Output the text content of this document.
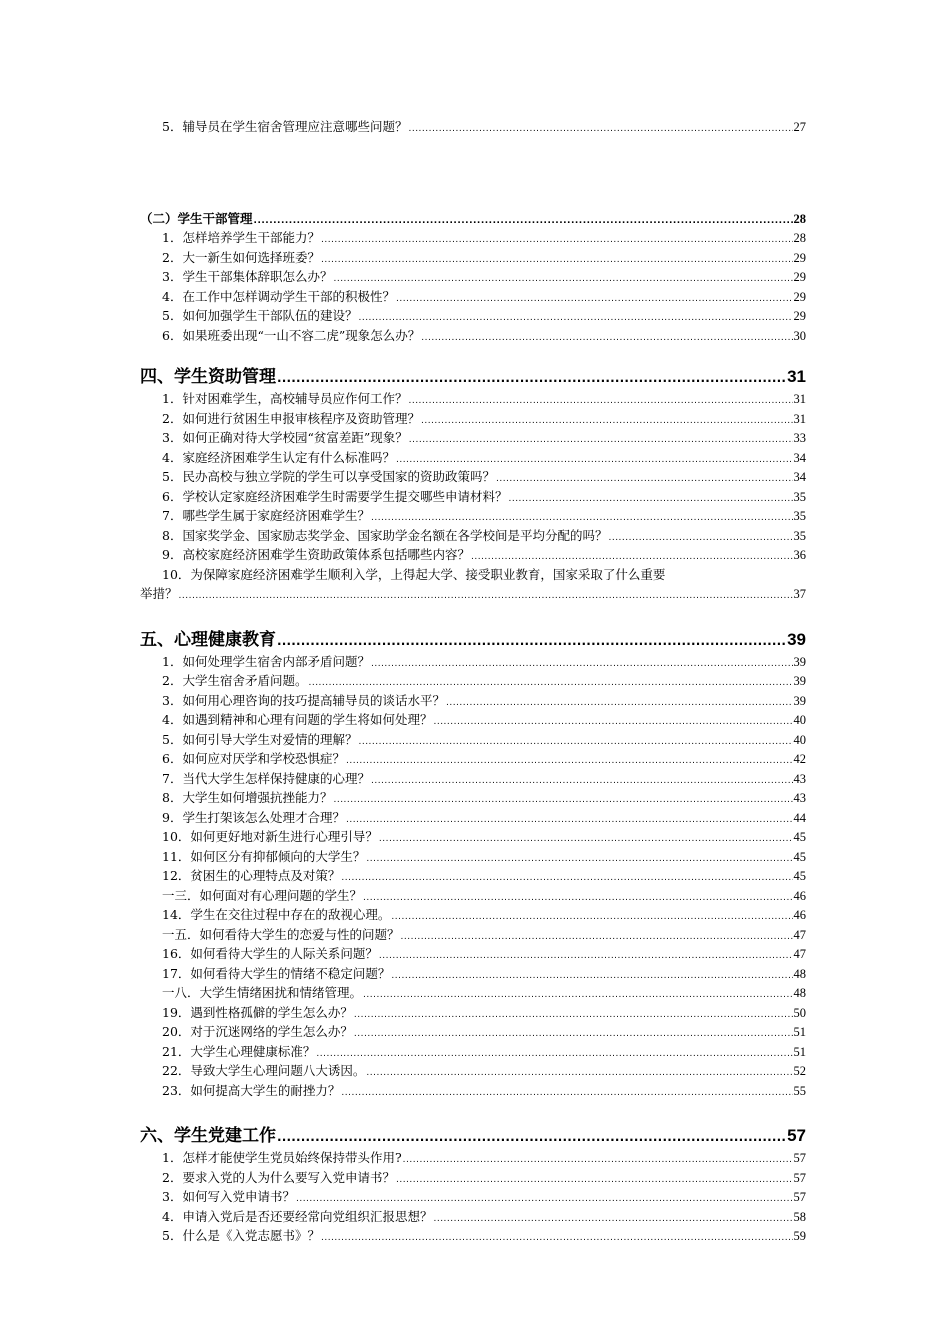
5． 辅导员在学生宿舍管理应注意哪些问题？ .....	27
（二） 学生干部管理 .....	28
1． 怎样培养学生干部能力？ .....	28
2． 大一新生如何选择班委？ .....	29
3． 学生干部集体辞职怎么办？ .....	29
4． 在工作中怎样调动学生干部的积极性？ .....	29
5． 如何加强学生干部队伍的建设？ .....	29
6． 如果班委出现“一山不容二虎”现象怎么办？ .....	30
四、 学生资助管理 .....	31
1． 针对困难学生，高校辅导员应作何工作？ .....	31
2． 如何进行贫困生申报审核程序及资助管理？ .....	31
3． 如何正确对待大学校园“贫富差距”现象？ .....	33
4． 家庭经济困难学生认定有什么标准吗？ .....	34
5． 民办高校与独立学院的学生可以享受国家的资助政策吗？ .....	34
6． 学校认定家庭经济困难学生时需要学生提交哪些申请材料？ .....	35
7． 哪些学生属于家庭经济困难学生？ .....	35
8． 国家奖学金、国家励志奖学金、国家助学金名额在各学校间是平均分配的吗？ .....	35
9． 高校家庭经济困难学生资助政策体系包括哪些内容？ .....	36
10．为保障家庭经济困难学生顺利入学，上得起大学、接受职业教育，国家采取了什么重要
举措？ .....	37
五、 心理健康教育 .....	39
1． 如何处理学生宿舍内部矛盾问题？ .....	39
2． 大学生宿舍矛盾问题。 .....	39
3． 如何用心理咨询的技巧提高辅导员的谈话水平？ .....	39
4． 如遇到精神和心理有问题的学生将如何处理？ .....	40
5． 如何引导大学生对爱情的理解？ .....	40
6． 如何应对厌学和学校恐惧症？ .....	42
7． 当代大学生怎样保持健康的心理？ .....	43
8． 大学生如何增强抗挫能力？ .....	43
9． 学生打架该怎么处理才合理？ .....	44
10． 如何更好地对新生进行心理引导？ .....	45
11． 如何区分有抑郁倾向的大学生？ .....	45
12． 贫困生的心理特点及对策？ .....	45
一三． 如何面对有心理问题的学生？ .....	46
14． 学生在交往过程中存在的敌视心理。 .....	46
一五． 如何看待大学生的恋爱与性的问题？ .....	47
16． 如何看待大学生的人际关系问题？ .....	47
17． 如何看待大学生的情绪不稳定问题？ .....	48
一八． 大学生情绪困扰和情绪管理。 .....	48
19． 遇到性格孤僻的学生怎么办？ .....	50
20． 对于沉迷网络的学生怎么办？ .....	51
21． 大学生心理健康标准？ .....	51
22． 导致大学生心理问题八大诱因。 .....	52
23． 如何提高大学生的耐挫力？ .....	55
六、 学生党建工作 .....	57
1． 怎样才能使学生党员始终保持带头作用? .....	57
2． 要求入党的人为什么要写入党申请书？ .....	57
3． 如何写入党申请书？ .....	57
4． 申请入党后是否还要经常向党组织汇报思想？ .....	58
5． 什么是《入党志愿书》？ .....	59
